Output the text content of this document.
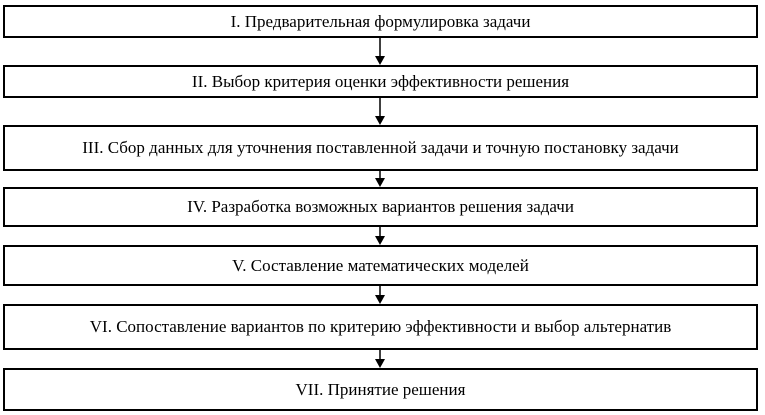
I. Предварительная формулировка задачи
II. Выбор критерия оценки эффективности решения
III. Сбор данных для уточнения поставленной задачи и точную постановку задачи
IV. Разработка возможных вариантов решения задачи
V. Составление математических моделей
VI. Сопоставление вариантов по критерию эффективности и выбор альтернатив
VII. Принятие решения
